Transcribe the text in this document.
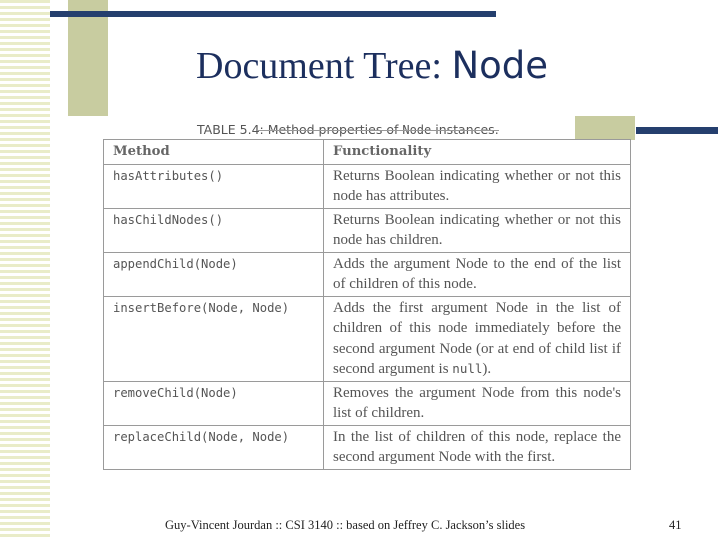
Document Tree: Node

TABLE 5.4: Method properties of Node instances.

Method	Functionality
hasAttributes()	Returns Boolean indicating whether or not this node has attributes.
hasChildNodes()	Returns Boolean indicating whether or not this node has children.
appendChild(Node)	Adds the argument Node to the end of the list of children of this node.
insertBefore(Node, Node)	Adds the first argument Node in the list of children of this node immediately before the second argument Node (or at end of child list if second argument is null).
removeChild(Node)	Removes the argument Node from this node's list of children.
replaceChild(Node, Node)	In the list of children of this node, replace the second argument Node with the first.

Guy-Vincent Jourdan :: CSI 3140 :: based on Jeffrey C. Jackson’s slides	41
